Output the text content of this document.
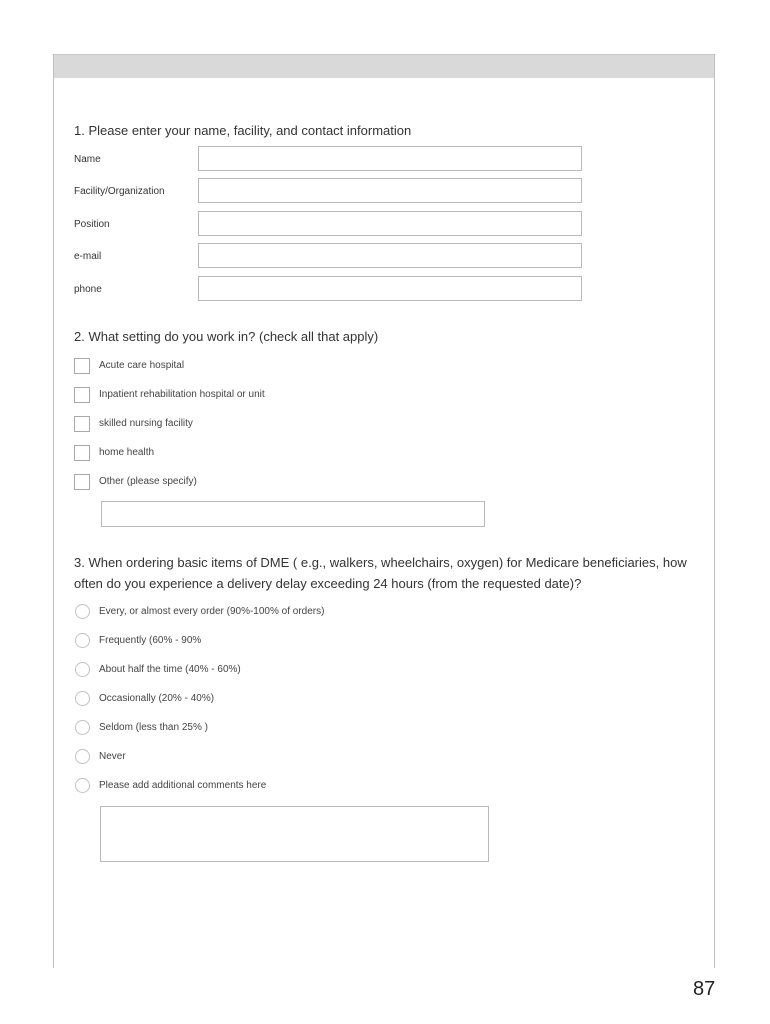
1. Please enter your name, facility, and contact information
Name
Facility/Organization
Position
e-mail
phone
2. What setting do you work in? (check all that apply)
Acute care hospital
Inpatient rehabilitation hospital or unit
skilled nursing facility
home health
Other (please specify)
3. When ordering basic items of DME ( e.g., walkers, wheelchairs, oxygen) for Medicare beneficiaries, how
often do you experience a delivery delay exceeding 24 hours (from the requested date)?
Every, or almost every order (90%-100% of orders)
Frequently (60% - 90%
About half the time (40% - 60%)
Occasionally (20% - 40%)
Seldom (less than 25% )
Never
Please add additional comments here
87
